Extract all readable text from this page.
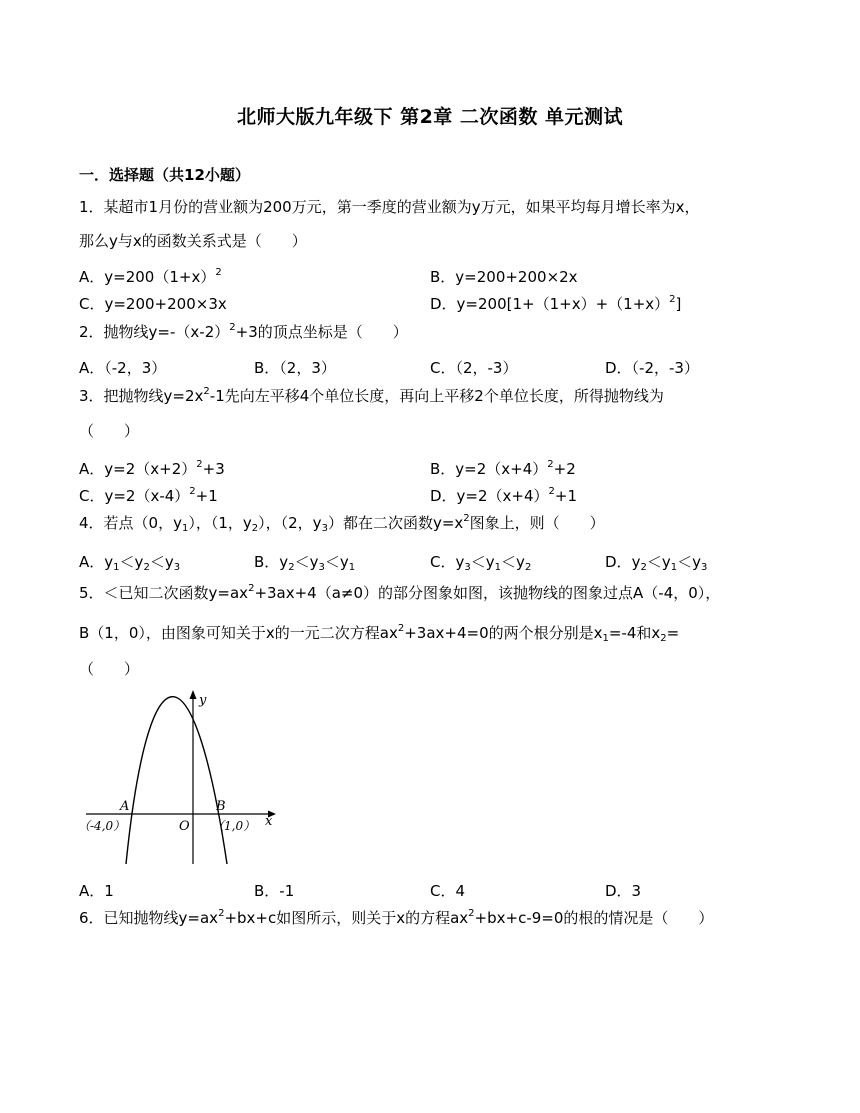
北师大版九年级下 第2章 二次函数 单元测试
一．选择题（共12小题）
1．某超市1月份的营业额为200万元，第一季度的营业额为y万元，如果平均每月增长率为x，
那么y与x的函数关系式是（　　）
A．$y=200(1+x)^2$	B．y=200+200×2x
C．y=200+200×3x	D．$y=200[1+(1+x)+(1+x)^2]$
2．抛物线$y=-(x-2)^2+3$的顶点坐标是（　　）
A．（-2，3）	B．（2，3）	C．（2，-3）	D．（-2，-3）
3．把抛物线$y=2x^2-1$先向左平移4个单位长度，再向上平移2个单位长度，所得抛物线为
（　　）
A．$y=2(x+2)^2+3$	B．$y=2(x+4)^2+2$
C．$y=2(x-4)^2+1$	D．$y=2(x+4)^2+1$
4．若点（0，$y_1$），（1，$y_2$），（2，$y_3$）都在二次函数$y=x^2$图象上，则（　　）
A．$y_1<y_2<y_3$	B．$y_2<y_3<y_1$	C．$y_3<y_1<y_2$	D．$y_2<y_1<y_3$
5．＜已知二次函数$y=ax^2+3ax+4(a\ne 0)$的部分图象如图，该抛物线的图象过点A（-4，0），
B（1，0），由图象可知关于x的一元二次方程$ax^2+3ax+4=0$的两个根分别是$x_1=-4$和$x_2=$
（　　）
y
x
O
A	B
（-4,0）	（1,0）
A．1	B．-1	C．4	D．3
6．已知抛物线$y=ax^2+bx+c$如图所示，则关于x的方程$ax^2+bx+c-9=0$的根的情况是（　　）
